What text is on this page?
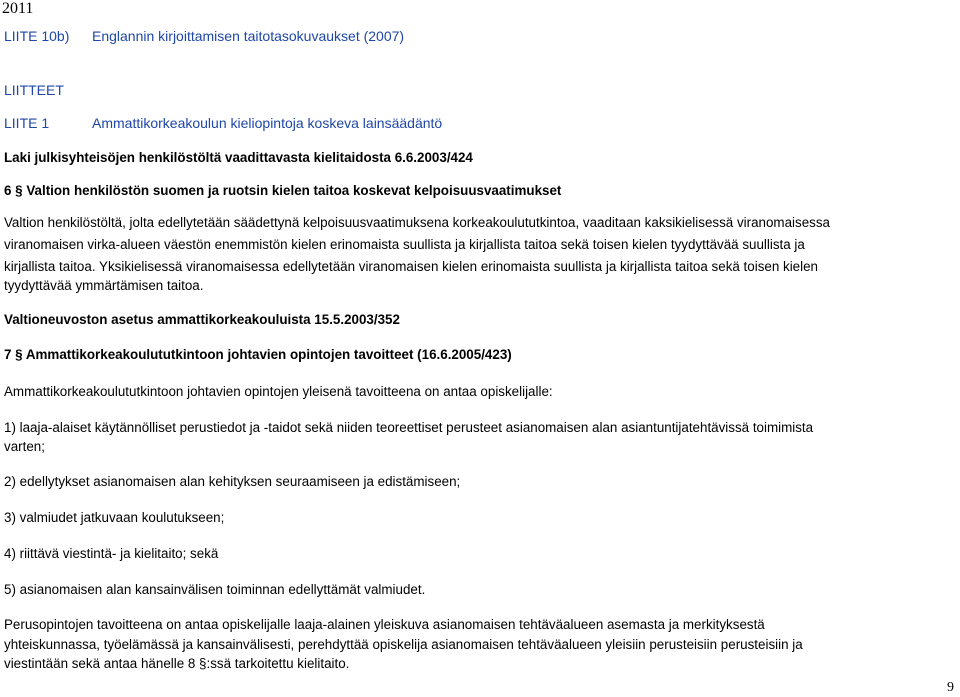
2011
LIITE 10b) Englannin kirjoittamisen taitotasokuvaukset (2007)
LIITTEET
LIITE 1	Ammattikorkeakoulun kieliopintoja koskeva lainsäädäntö
Laki julkisyhteisöjen henkilöstöltä vaadittavasta kielitaidosta 6.6.2003/424
6 § Valtion henkilöstön suomen ja ruotsin kielen taitoa koskevat kelpoisuusvaatimukset
Valtion henkilöstöltä, jolta edellytetään säädettynä kelpoisuusvaatimuksena korkeakoulututkintoa, vaaditaan kaksikielisessä viranomaisessa
viranomaisen virka-alueen väestön enemmistön kielen erinomaista suullista ja kirjallista taitoa sekä toisen kielen tyydyttävää suullista ja
kirjallista taitoa. Yksikielisessä viranomaisessa edellytetään viranomaisen kielen erinomaista suullista ja kirjallista taitoa sekä toisen kielen
tyydyttävää ymmärtämisen taitoa.
Valtioneuvoston asetus ammattikorkeakouluista 15.5.2003/352
7 § Ammattikorkeakoulututkintoon johtavien opintojen tavoitteet (16.6.2005/423)
Ammattikorkeakoulututkintoon johtavien opintojen yleisenä tavoitteena on antaa opiskelijalle:
1) laaja-alaiset käytännölliset perustiedot ja -taidot sekä niiden teoreettiset perusteet asianomaisen alan asiantuntijatehtävissä toimimista
varten;
2) edellytykset asianomaisen alan kehityksen seuraamiseen ja edistämiseen;
3) valmiudet jatkuvaan koulutukseen;
4) riittävä viestintä- ja kielitaito; sekä
5) asianomaisen alan kansainvälisen toiminnan edellyttämät valmiudet.
Perusopintojen tavoitteena on antaa opiskelijalle laaja-alainen yleiskuva asianomaisen tehtäväalueen asemasta ja merkityksestä
yhteiskunnassa, työelämässä ja kansainvälisesti, perehdyttää opiskelija asianomaisen tehtäväalueen yleisiin perusteisiin perusteisiin ja
viestintään sekä antaa hänelle 8 §:ssä tarkoitettu kielitaito.
9
